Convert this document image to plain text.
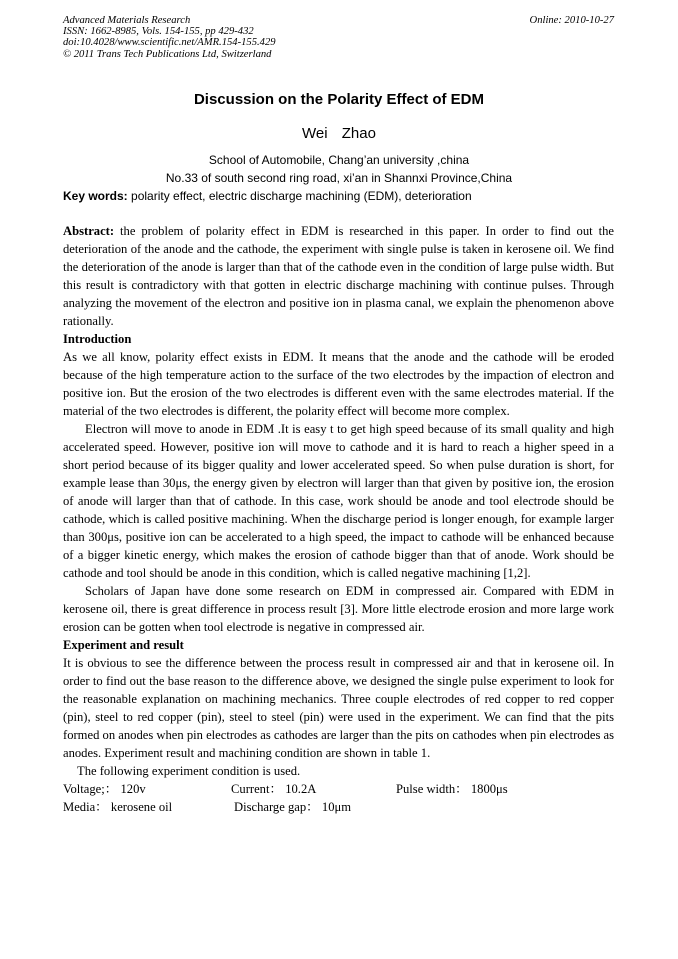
Advanced Materials Research
ISSN: 1662-8985, Vols. 154-155, pp 429-432
doi:10.4028/www.scientific.net/AMR.154-155.429
© 2011 Trans Tech Publications Ltd, Switzerland
Online: 2010-10-27
Discussion on the Polarity Effect of EDM
Wei Zhao
School of Automobile, Chang’an university ,china
No.33 of south second ring road, xi’an in Shannxi Province,China
Key words: polarity effect, electric discharge machining (EDM), deterioration

Abstract: the problem of polarity effect in EDM is researched in this paper. In order to find out the deterioration of the anode and the cathode, the experiment with single pulse is taken in kerosene oil. We find the deterioration of the anode is larger than that of the cathode even in the condition of large pulse width. But this result is contradictory with that gotten in electric discharge machining with continue pulses. Through analyzing the movement of the electron and positive ion in plasma canal, we explain the phenomenon above rationally.

Introduction

As we all know, polarity effect exists in EDM. It means that the anode and the cathode will be eroded because of the high temperature action to the surface of the two electrodes by the impaction of electron and positive ion. But the erosion of the two electrodes is different even with the same electrodes material. If the material of the two electrodes is different, the polarity effect will become more complex.

Electron will move to anode in EDM .It is easy t to get high speed because of its small quality and high accelerated speed. However, positive ion will move to cathode and it is hard to reach a higher speed in a short period because of its bigger quality and lower accelerated speed. So when pulse duration is short, for example lease than 30μs, the energy given by electron will larger than that given by positive ion, the erosion of anode will larger than that of cathode. In this case, work should be anode and tool electrode should be cathode, which is called positive machining. When the discharge period is longer enough, for example larger than 300μs, positive ion can be accelerated to a high speed, the impact to cathode will be enhanced because of a bigger kinetic energy, which makes the erosion of cathode bigger than that of anode. Work should be cathode and tool should be anode in this condition, which is called negative machining [1,2].

Scholars of Japan have done some research on EDM in compressed air. Compared with EDM in kerosene oil, there is great difference in process result [3]. More little electrode erosion and more large work erosion can be gotten when tool electrode is negative in compressed air.

Experiment and result

It is obvious to see the difference between the process result in compressed air and that in kerosene oil. In order to find out the base reason to the difference above, we designed the single pulse experiment to look for the reasonable explanation on machining mechanics. Three couple electrodes of red copper to red copper (pin), steel to red copper (pin), steel to steel (pin) were used in the experiment. We can find that the pits formed on anodes when pin electrodes as cathodes are larger than the pits on cathodes when pin electrodes as anodes. Experiment result and machining condition are shown in table 1.

The following experiment condition is used.

Voltage;： 120v	Current： 10.2A	Pulse width： 1800μs
Media： kerosene oil	Discharge gap： 10μm
